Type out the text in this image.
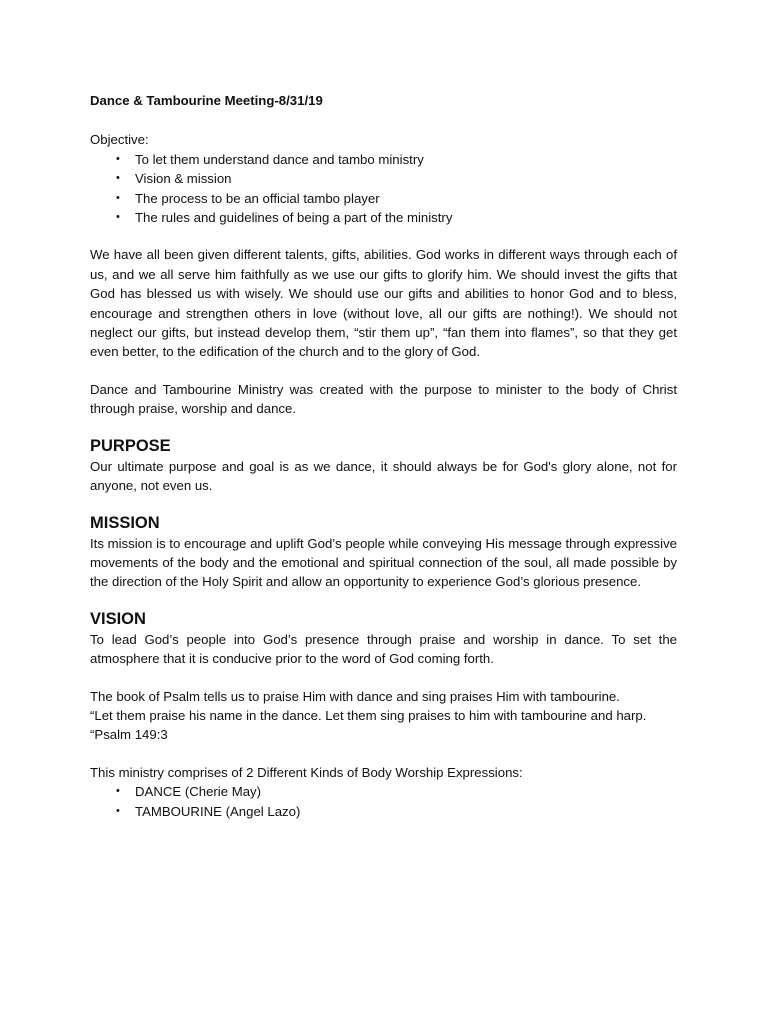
Dance & Tambourine Meeting-8/31/19

Objective:

•	To let them understand dance and tambo ministry
•	Vision & mission
•	The process to be an official tambo player
•	The rules and guidelines of being a part of the ministry

We have all been given different talents, gifts, abilities. God works in different ways through each of us, and we all serve him faithfully as we use our gifts to glorify him. We should invest the gifts that God has blessed us with wisely. We should use our gifts and abilities to honor God and to bless, encourage and strengthen others in love (without love, all our gifts are nothing!). We should not neglect our gifts, but instead develop them, “stir them up”, “fan them into flames”, so that they get even better, to the edification of the church and to the glory of God.

Dance and Tambourine Ministry was created with the purpose to minister to the body of Christ through praise, worship and dance.

PURPOSE

Our ultimate purpose and goal is as we dance, it should always be for God's glory alone, not for anyone, not even us.

MISSION

Its mission is to encourage and uplift God’s people while conveying His message through expressive movements of the body and the emotional and spiritual connection of the soul, all made possible by the direction of the Holy Spirit and allow an opportunity to experience God’s glorious presence.

VISION

To lead God’s people into God’s presence through praise and worship in dance. To set the atmosphere that it is conducive prior to the word of God coming forth.

The book of Psalm tells us to praise Him with dance and sing praises Him with tambourine.

“Let them praise his name in the dance. Let them sing praises to him with tambourine and harp.

“Psalm 149:3

This ministry comprises of 2 Different Kinds of Body Worship Expressions:

•	DANCE (Cherie May)
•	TAMBOURINE (Angel Lazo)
